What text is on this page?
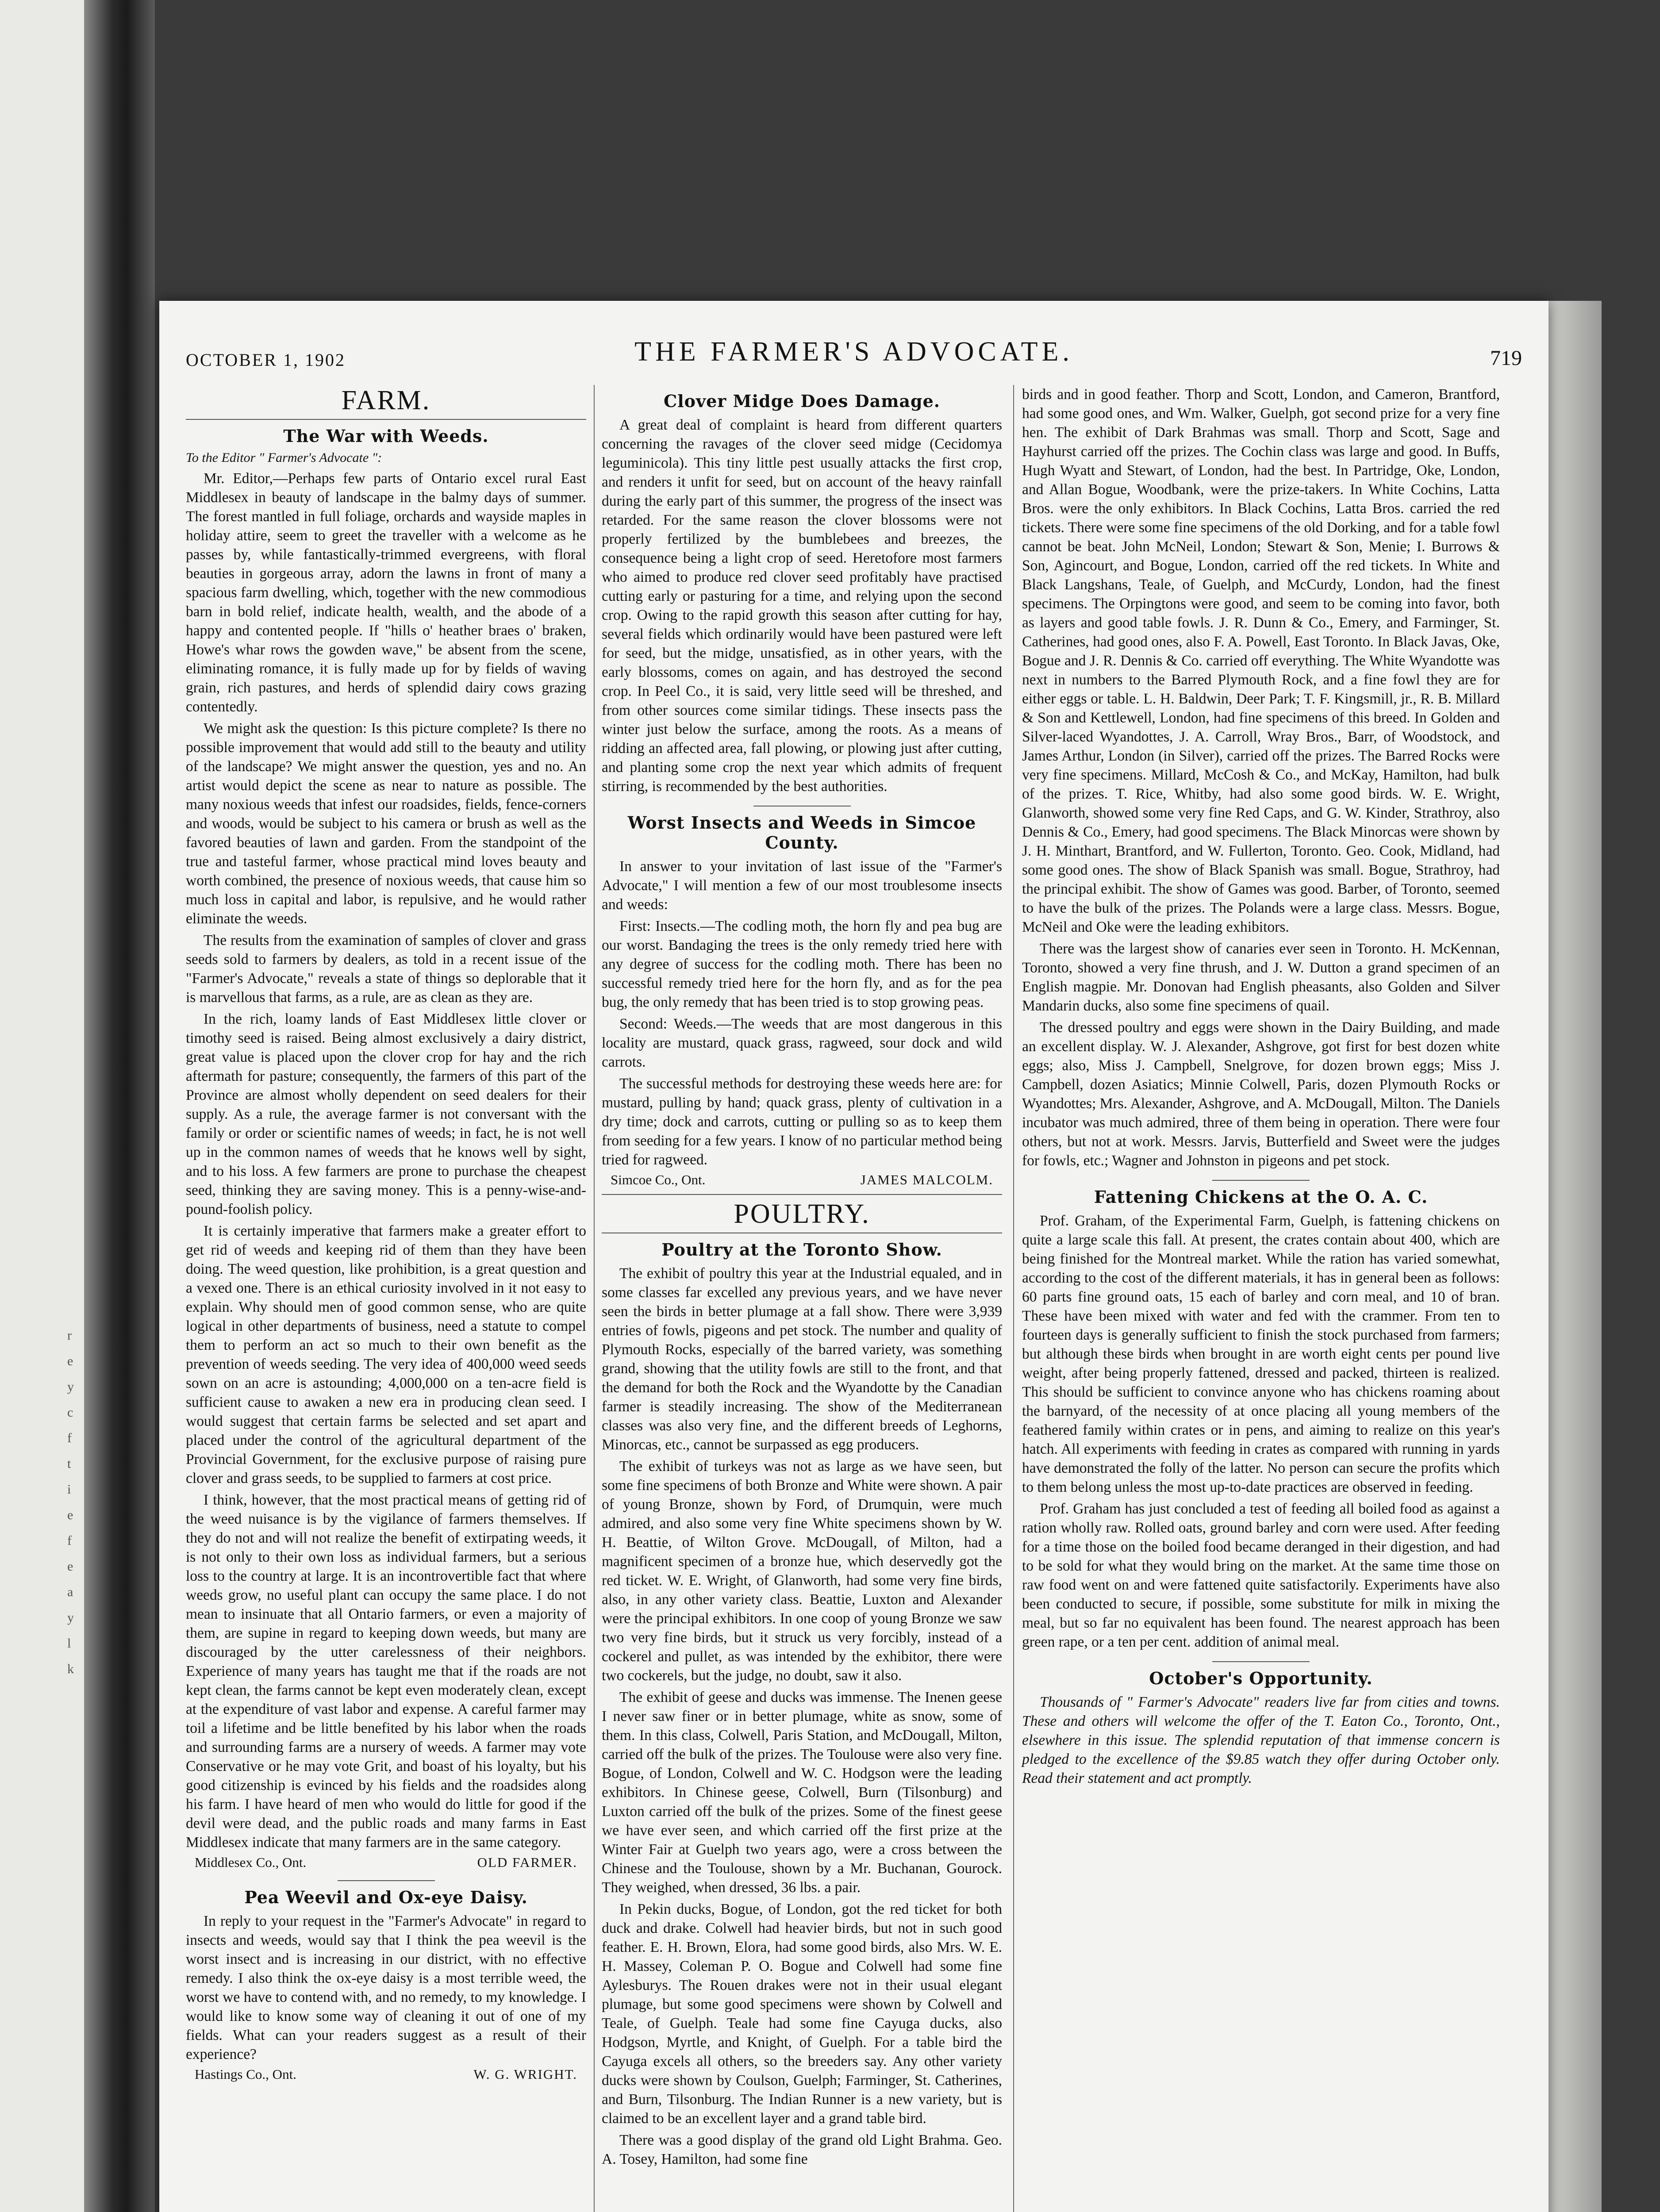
r e y c f t i e f e a y l k
OCTOBER 1, 1902	THE FARMER'S ADVOCATE.	719
FARM.
The War with Weeds.
To the Editor " Farmer's Advocate ":

Mr. Editor,—Perhaps few parts of Ontario excel rural East Middlesex in beauty of landscape in the balmy days of summer. The forest mantled in full foliage, orchards and wayside maples in holiday attire, seem to greet the traveller with a welcome as he passes by, while fantastically-trimmed evergreens, with floral beauties in gorgeous array, adorn the lawns in front of many a spacious farm dwelling, which, together with the new commodious barn in bold relief, indicate health, wealth, and the abode of a happy and contented people. If "hills o' heather braes o' braken, Howe's whar rows the gowden wave," be absent from the scene, eliminating romance, it is fully made up for by fields of waving grain, rich pastures, and herds of splendid dairy cows grazing contentedly.

We might ask the question: Is this picture complete? Is there no possible improvement that would add still to the beauty and utility of the landscape? We might answer the question, yes and no. An artist would depict the scene as near to nature as possible. The many noxious weeds that infest our roadsides, fields, fence-corners and woods, would be subject to his camera or brush as well as the favored beauties of lawn and garden. From the standpoint of the true and tasteful farmer, whose practical mind loves beauty and worth combined, the presence of noxious weeds, that cause him so much loss in capital and labor, is repulsive, and he would rather eliminate the weeds.

The results from the examination of samples of clover and grass seeds sold to farmers by dealers, as told in a recent issue of the "Farmer's Advocate," reveals a state of things so deplorable that it is marvellous that farms, as a rule, are as clean as they are.

In the rich, loamy lands of East Middlesex little clover or timothy seed is raised. Being almost exclusively a dairy district, great value is placed upon the clover crop for hay and the rich aftermath for pasture; consequently, the farmers of this part of the Province are almost wholly dependent on seed dealers for their supply. As a rule, the average farmer is not conversant with the family or order or scientific names of weeds; in fact, he is not well up in the common names of weeds that he knows well by sight, and to his loss. A few farmers are prone to purchase the cheapest seed, thinking they are saving money. This is a penny-wise-and-pound-foolish policy.

It is certainly imperative that farmers make a greater effort to get rid of weeds and keeping rid of them than they have been doing. The weed question, like prohibition, is a great question and a vexed one. There is an ethical curiosity involved in it not easy to explain. Why should men of good common sense, who are quite logical in other departments of business, need a statute to compel them to perform an act so much to their own benefit as the prevention of weeds seeding. The very idea of 400,000 weed seeds sown on an acre is astounding; 4,000,000 on a ten-acre field is sufficient cause to awaken a new era in producing clean seed. I would suggest that certain farms be selected and set apart and placed under the control of the agricultural department of the Provincial Government, for the exclusive purpose of raising pure clover and grass seeds, to be supplied to farmers at cost price.

I think, however, that the most practical means of getting rid of the weed nuisance is by the vigilance of farmers themselves. If they do not and will not realize the benefit of extirpating weeds, it is not only to their own loss as individual farmers, but a serious loss to the country at large. It is an incontrovertible fact that where weeds grow, no useful plant can occupy the same place. I do not mean to insinuate that all Ontario farmers, or even a majority of them, are supine in regard to keeping down weeds, but many are discouraged by the utter carelessness of their neighbors. Experience of many years has taught me that if the roads are not kept clean, the farms cannot be kept even moderately clean, except at the expenditure of vast labor and expense. A careful farmer may toil a lifetime and be little benefited by his labor when the roads and surrounding farms are a nursery of weeds. A farmer may vote Conservative or he may vote Grit, and boast of his loyalty, but his good citizenship is evinced by his fields and the roadsides along his farm. I have heard of men who would do little for good if the devil were dead, and the public roads and many farms in East Middlesex indicate that many farmers are in the same category.

Middlesex Co., Ont.	OLD FARMER.
Pea Weevil and Ox-eye Daisy.

In reply to your request in the "Farmer's Advocate" in regard to insects and weeds, would say that I think the pea weevil is the worst insect and is increasing in our district, with no effective remedy. I also think the ox-eye daisy is a most terrible weed, the worst we have to contend with, and no remedy, to my knowledge. I would like to know some way of cleaning it out of one of my fields. What can your readers suggest as a result of their experience?

Hastings Co., Ont.	W. G. WRIGHT.
Clover Midge Does Damage.

A great deal of complaint is heard from different quarters concerning the ravages of the clover seed midge (Cecidomya leguminicola). This tiny little pest usually attacks the first crop, and renders it unfit for seed, but on account of the heavy rainfall during the early part of this summer, the progress of the insect was retarded. For the same reason the clover blossoms were not properly fertilized by the bumblebees and breezes, the consequence being a light crop of seed. Heretofore most farmers who aimed to produce red clover seed profitably have practised cutting early or pasturing for a time, and relying upon the second crop. Owing to the rapid growth this season after cutting for hay, several fields which ordinarily would have been pastured were left for seed, but the midge, unsatisfied, as in other years, with the early blossoms, comes on again, and has destroyed the second crop. In Peel Co., it is said, very little seed will be threshed, and from other sources come similar tidings. These insects pass the winter just below the surface, among the roots. As a means of ridding an affected area, fall plowing, or plowing just after cutting, and planting some crop the next year which admits of frequent stirring, is recommended by the best authorities.

Worst Insects and Weeds in Simcoe County.

In answer to your invitation of last issue of the "Farmer's Advocate," I will mention a few of our most troublesome insects and weeds:

First: Insects.—The codling moth, the horn fly and pea bug are our worst. Bandaging the trees is the only remedy tried here with any degree of success for the codling moth. There has been no successful remedy tried here for the horn fly, and as for the pea bug, the only remedy that has been tried is to stop growing peas.

Second: Weeds.—The weeds that are most dangerous in this locality are mustard, quack grass, ragweed, sour dock and wild carrots.

The successful methods for destroying these weeds here are: for mustard, pulling by hand; quack grass, plenty of cultivation in a dry time; dock and carrots, cutting or pulling so as to keep them from seeding for a few years. I know of no particular method being tried for ragweed.

Simcoe Co., Ont.	JAMES MALCOLM.
POULTRY.
Poultry at the Toronto Show.

The exhibit of poultry this year at the Industrial equaled, and in some classes far excelled any previous years, and we have never seen the birds in better plumage at a fall show. There were 3,939 entries of fowls, pigeons and pet stock. The number and quality of Plymouth Rocks, especially of the barred variety, was something grand, showing that the utility fowls are still to the front, and that the demand for both the Rock and the Wyandotte by the Canadian farmer is steadily increasing. The show of the Mediterranean classes was also very fine, and the different breeds of Leghorns, Minorcas, etc., cannot be surpassed as egg producers.

The exhibit of turkeys was not as large as we have seen, but some fine specimens of both Bronze and White were shown. A pair of young Bronze, shown by Ford, of Drumquin, were much admired, and also some very fine White specimens shown by W. H. Beattie, of Wilton Grove. McDougall, of Milton, had a magnificent specimen of a bronze hue, which deservedly got the red ticket. W. E. Wright, of Glanworth, had some very fine birds, also, in any other variety class. Beattie, Luxton and Alexander were the principal exhibitors. In one coop of young Bronze we saw two very fine birds, but it struck us very forcibly, instead of a cockerel and pullet, as was intended by the exhibitor, there were two cockerels, but the judge, no doubt, saw it also.

The exhibit of geese and ducks was immense. The Inenen geese I never saw finer or in better plumage, white as snow, some of them. In this class, Colwell, Paris Station, and McDougall, Milton, carried off the bulk of the prizes. The Toulouse were also very fine. Bogue, of London, Colwell and W. C. Hodgson were the leading exhibitors. In Chinese geese, Colwell, Burn (Tilsonburg) and Luxton carried off the bulk of the prizes. Some of the finest geese we have ever seen, and which carried off the first prize at the Winter Fair at Guelph two years ago, were a cross between the Chinese and the Toulouse, shown by a Mr. Buchanan, Gourock. They weighed, when dressed, 36 lbs. a pair.

In Pekin ducks, Bogue, of London, got the red ticket for both duck and drake. Colwell had heavier birds, but not in such good feather. E. H. Brown, Elora, had some good birds, also Mrs. W. E. H. Massey, Coleman P. O. Bogue and Colwell had some fine Aylesburys. The Rouen drakes were not in their usual elegant plumage, but some good specimens were shown by Colwell and Teale, of Guelph. Teale had some fine Cayuga ducks, also Hodgson, Myrtle, and Knight, of Guelph. For a table bird the Cayuga excels all others, so the breeders say. Any other variety ducks were shown by Coulson, Guelph; Farminger, St. Catherines, and Burn, Tilsonburg. The Indian Runner is a new variety, but is claimed to be an excellent layer and a grand table bird.

There was a good display of the grand old Light Brahma. Geo. A. Tosey, Hamilton, had some fine

birds and in good feather. Thorp and Scott, London, and Cameron, Brantford, had some good ones, and Wm. Walker, Guelph, got second prize for a very fine hen. The exhibit of Dark Brahmas was small. Thorp and Scott, Sage and Hayhurst carried off the prizes. The Cochin class was large and good. In Buffs, Hugh Wyatt and Stewart, of London, had the best. In Partridge, Oke, London, and Allan Bogue, Woodbank, were the prize-takers. In White Cochins, Latta Bros. were the only exhibitors. In Black Cochins, Latta Bros. carried the red tickets. There were some fine specimens of the old Dorking, and for a table fowl cannot be beat. John McNeil, London; Stewart & Son, Menie; I. Burrows & Son, Agincourt, and Bogue, London, carried off the red tickets. In White and Black Langshans, Teale, of Guelph, and McCurdy, London, had the finest specimens. The Orpingtons were good, and seem to be coming into favor, both as layers and good table fowls. J. R. Dunn & Co., Emery, and Farminger, St. Catherines, had good ones, also F. A. Powell, East Toronto. In Black Javas, Oke, Bogue and J. R. Dennis & Co. carried off everything. The White Wyandotte was next in numbers to the Barred Plymouth Rock, and a fine fowl they are for either eggs or table. L. H. Baldwin, Deer Park; T. F. Kingsmill, jr., R. B. Millard & Son and Kettlewell, London, had fine specimens of this breed. In Golden and Silver-laced Wyandottes, J. A. Carroll, Wray Bros., Barr, of Woodstock, and James Arthur, London (in Silver), carried off the prizes. The Barred Rocks were very fine specimens. Millard, McCosh & Co., and McKay, Hamilton, had bulk of the prizes. T. Rice, Whitby, had also some good birds. W. E. Wright, Glanworth, showed some very fine Red Caps, and G. W. Kinder, Strathroy, also Dennis & Co., Emery, had good specimens. The Black Minorcas were shown by J. H. Minthart, Brantford, and W. Fullerton, Toronto. Geo. Cook, Midland, had some good ones. The show of Black Spanish was small. Bogue, Strathroy, had the principal exhibit. The show of Games was good. Barber, of Toronto, seemed to have the bulk of the prizes. The Polands were a large class. Messrs. Bogue, McNeil and Oke were the leading exhibitors.

There was the largest show of canaries ever seen in Toronto. H. McKennan, Toronto, showed a very fine thrush, and J. W. Dutton a grand specimen of an English magpie. Mr. Donovan had English pheasants, also Golden and Silver Mandarin ducks, also some fine specimens of quail.

The dressed poultry and eggs were shown in the Dairy Building, and made an excellent display. W. J. Alexander, Ashgrove, got first for best dozen white eggs; also, Miss J. Campbell, Snelgrove, for dozen brown eggs; Miss J. Campbell, dozen Asiatics; Minnie Colwell, Paris, dozen Plymouth Rocks or Wyandottes; Mrs. Alexander, Ashgrove, and A. McDougall, Milton. The Daniels incubator was much admired, three of them being in operation. There were four others, but not at work. Messrs. Jarvis, Butterfield and Sweet were the judges for fowls, etc.; Wagner and Johnston in pigeons and pet stock.

Fattening Chickens at the O. A. C.

Prof. Graham, of the Experimental Farm, Guelph, is fattening chickens on quite a large scale this fall. At present, the crates contain about 400, which are being finished for the Montreal market. While the ration has varied somewhat, according to the cost of the different materials, it has in general been as follows: 60 parts fine ground oats, 15 each of barley and corn meal, and 10 of bran. These have been mixed with water and fed with the crammer. From ten to fourteen days is generally sufficient to finish the stock purchased from farmers; but although these birds when brought in are worth eight cents per pound live weight, after being properly fattened, dressed and packed, thirteen is realized. This should be sufficient to convince anyone who has chickens roaming about the barnyard, of the necessity of at once placing all young members of the feathered family within crates or in pens, and aiming to realize on this year's hatch. All experiments with feeding in crates as compared with running in yards have demonstrated the folly of the latter. No person can secure the profits which to them belong unless the most up-to-date practices are observed in feeding.

Prof. Graham has just concluded a test of feeding all boiled food as against a ration wholly raw. Rolled oats, ground barley and corn were used. After feeding for a time those on the boiled food became deranged in their digestion, and had to be sold for what they would bring on the market. At the same time those on raw food went on and were fattened quite satisfactorily. Experiments have also been conducted to secure, if possible, some substitute for milk in mixing the meal, but so far no equivalent has been found. The nearest approach has been green rape, or a ten per cent. addition of animal meal.

October's Opportunity.

Thousands of " Farmer's Advocate" readers live far from cities and towns. These and others will welcome the offer of the T. Eaton Co., Toronto, Ont., elsewhere in this issue. The splendid reputation of that immense concern is pledged to the excellence of the $9.85 watch they offer during October only. Read their statement and act promptly.
